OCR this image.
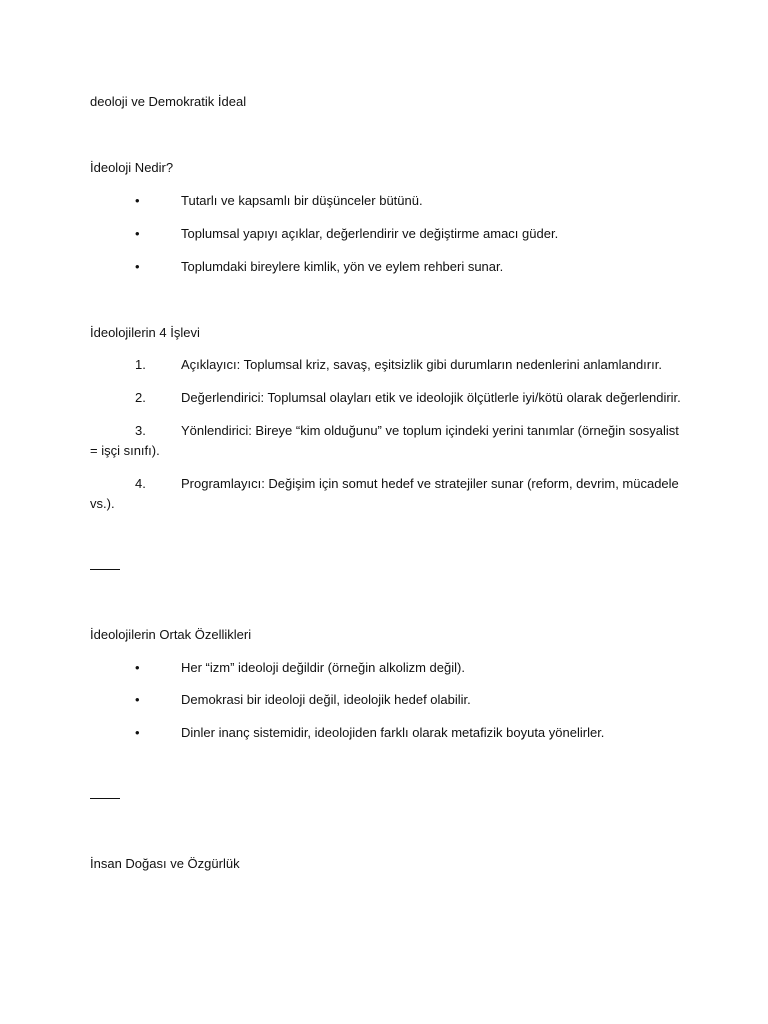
deoloji ve Demokratik İdeal
İdeoloji Nedir?
•	Tutarlı ve kapsamlı bir düşünceler bütünü.
•	Toplumsal yapıyı açıklar, değerlendirir ve değiştirme amacı güder.
•	Toplumdaki bireylere kimlik, yön ve eylem rehberi sunar.
İdeolojilerin 4 İşlevi
1.	Açıklayıcı: Toplumsal kriz, savaş, eşitsizlik gibi durumların nedenlerini anlamlandırır.
2.	Değerlendirici: Toplumsal olayları etik ve ideolojik ölçütlerle iyi/kötü olarak değerlendirir.
3.	Yönlendirici: Bireye “kim olduğunu” ve toplum içindeki yerini tanımlar (örneğin sosyalist
= işçi sınıfı).
4.	Programlayıcı: Değişim için somut hedef ve stratejiler sunar (reform, devrim, mücadele
vs.).
İdeolojilerin Ortak Özellikleri
•	Her “izm” ideoloji değildir (örneğin alkolizm değil).
•	Demokrasi bir ideoloji değil, ideolojik hedef olabilir.
•	Dinler inanç sistemidir, ideolojiden farklı olarak metafizik boyuta yönelirler.
İnsan Doğası ve Özgürlük
